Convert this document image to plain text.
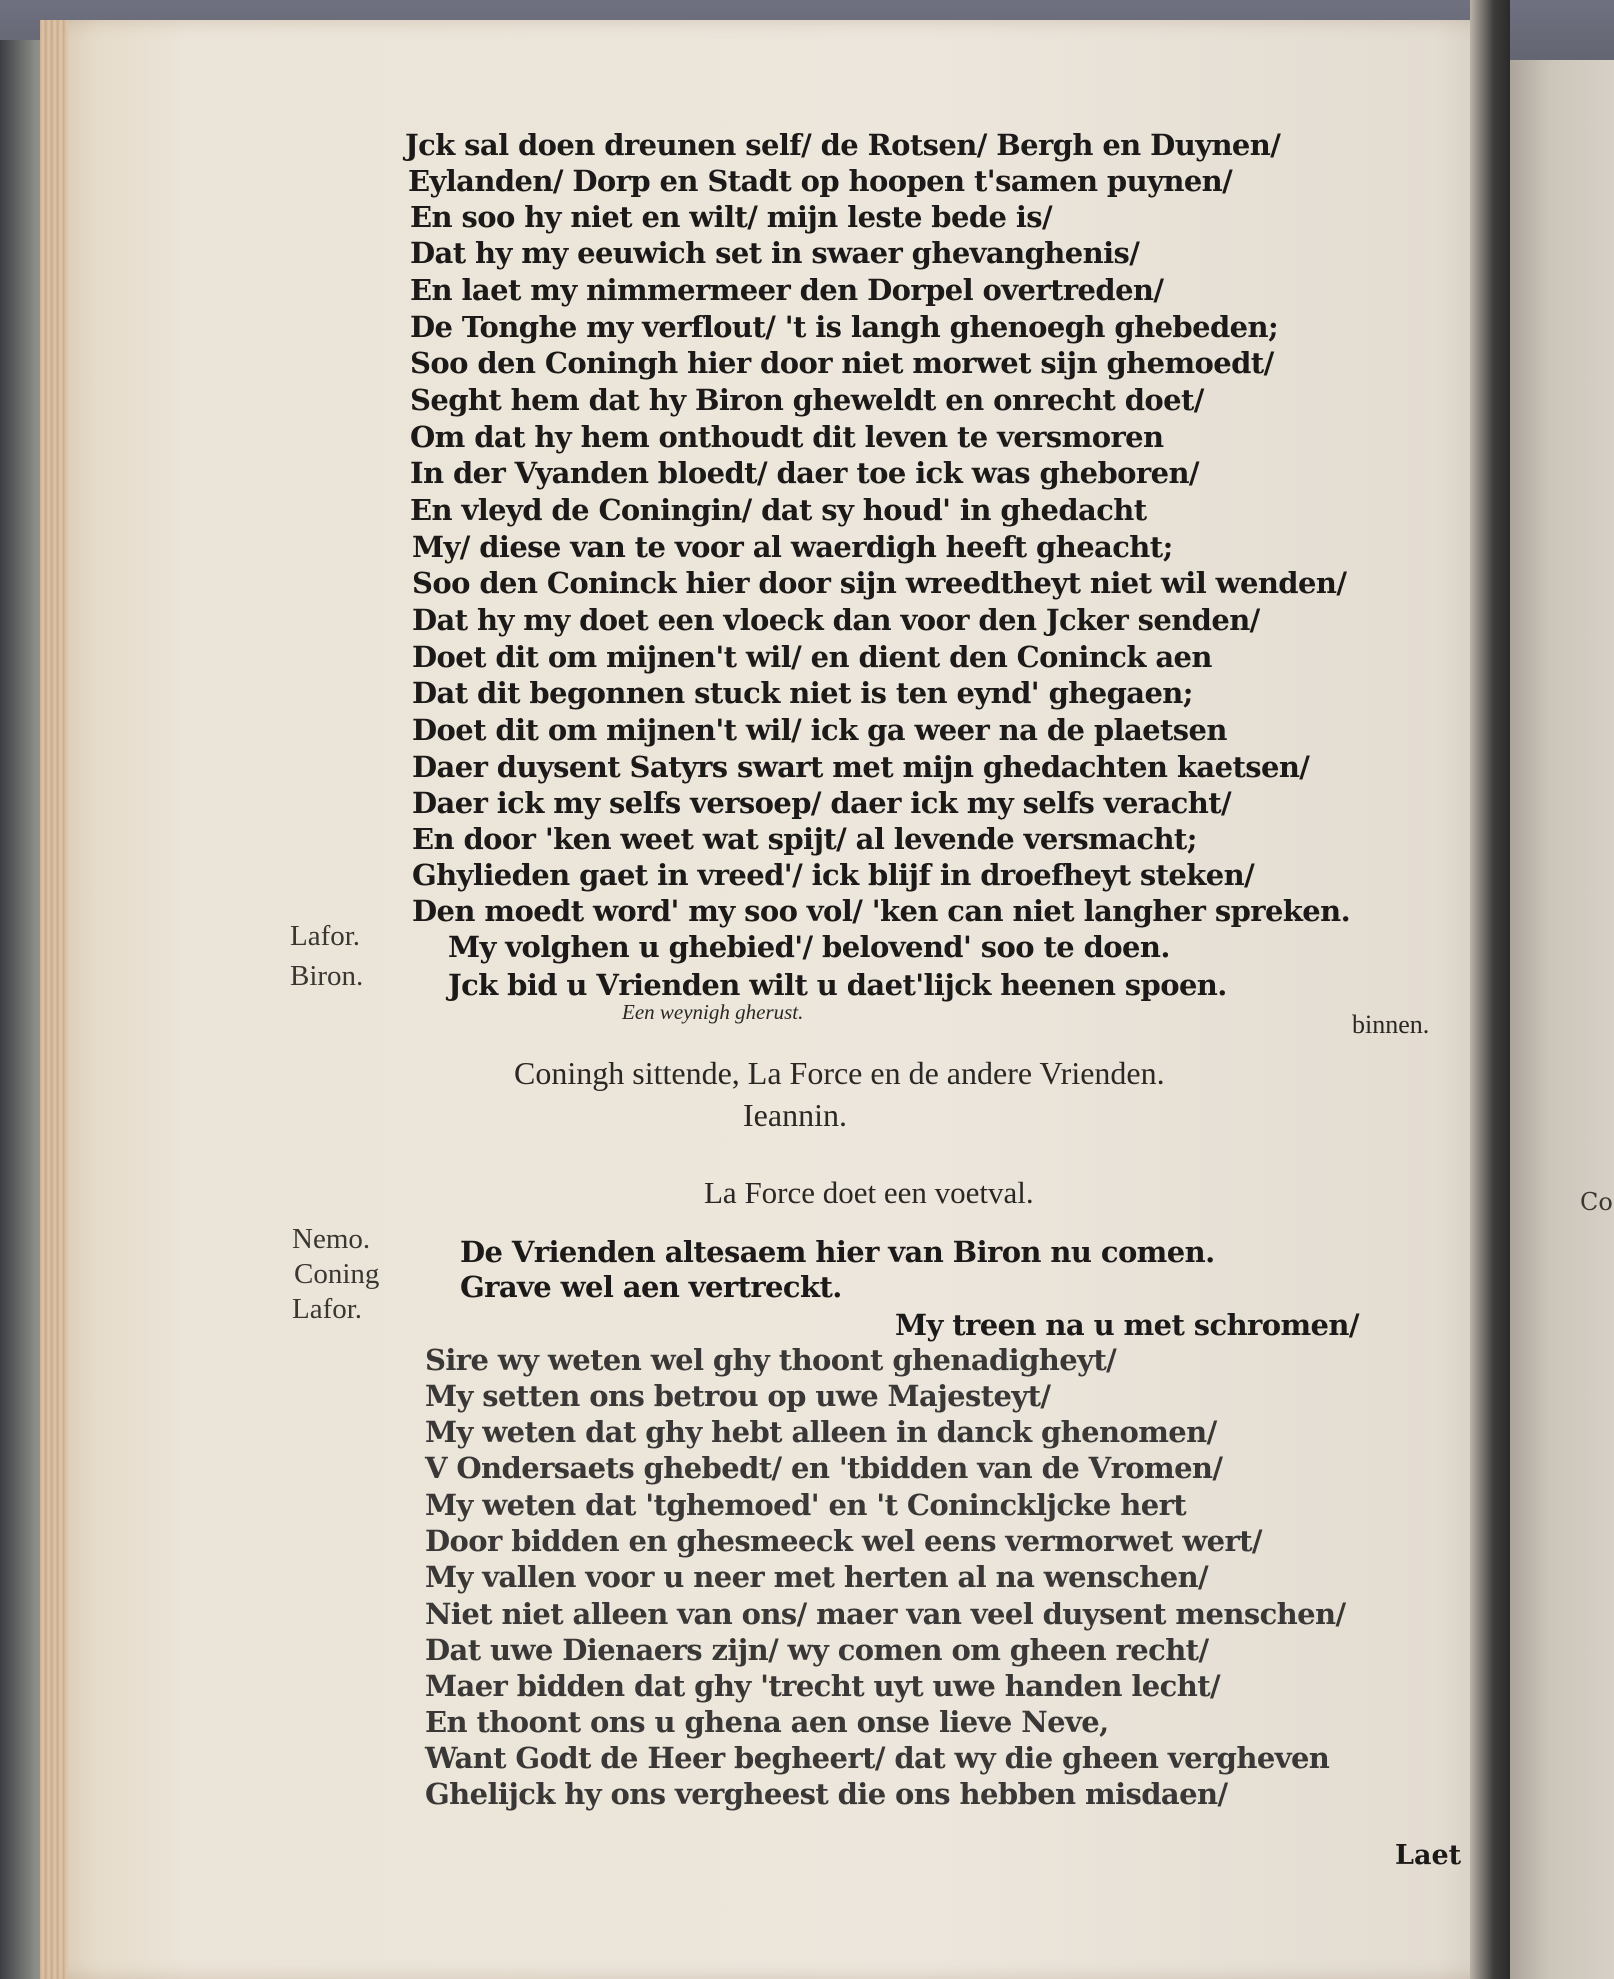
Co
Jck sal doen dreunen self/ de Rotsen/ Bergh en Duynen/
Eylanden/ Dorp en Stadt op hoopen t'samen puynen/
En soo hy niet en wilt/ mijn leste bede is/
Dat hy my eeuwich set in swaer ghevanghenis/
En laet my nimmermeer den Dorpel overtreden/
De Tonghe my verflout/ 't is langh ghenoegh ghebeden;
Soo den Coningh hier door niet morwet sijn ghemoedt/
Seght hem dat hy Biron gheweldt en onrecht doet/
Om dat hy hem onthoudt dit leven te versmoren
In der Vyanden bloedt/ daer toe ick was gheboren/
En vleyd de Coningin/ dat sy houd' in ghedacht
My/ diese van te voor al waerdigh heeft gheacht;
Soo den Coninck hier door sijn wreedtheyt niet wil wenden/
Dat hy my doet een vloeck dan voor den Jcker senden/
Doet dit om mijnen't wil/ en dient den Coninck aen
Dat dit begonnen stuck niet is ten eynd' ghegaen;
Doet dit om mijnen't wil/ ick ga weer na de plaetsen
Daer duysent Satyrs swart met mijn ghedachten kaetsen/
Daer ick my selfs versoep/ daer ick my selfs veracht/
En door 'ken weet wat spijt/ al levende versmacht;
Ghylieden gaet in vreed'/ ick blijf in droefheyt steken/
Den moedt word' my soo vol/ 'ken can niet langher spreken.
Lafor.	My volghen u ghebied'/ belovend' soo te doen.
Biron.	Jck bid u Vrienden wilt u daet'lijck heenen spoen.
Een weynigh gherust.	binnen.
Coningh sittende, La Force en de andere Vrienden.
Ieannin.
La Force doet een voetval.
Nemo.	De Vrienden altesaem hier van Biron nu comen.
Coning	Grave wel aen vertreckt.
Lafor.	My treen na u met schromen/
Sire wy weten wel ghy thoont ghenadigheyt/
My setten ons betrou op uwe Majesteyt/
My weten dat ghy hebt alleen in danck ghenomen/
V Ondersaets ghebedt/ en 'tbidden van de Vromen/
My weten dat 'tghemoed' en 't Coninckljcke hert
Door bidden en ghesmeeck wel eens vermorwet wert/
My vallen voor u neer met herten al na wenschen/
Niet niet alleen van ons/ maer van veel duysent menschen/
Dat uwe Dienaers zijn/ wy comen om gheen recht/
Maer bidden dat ghy 'trecht uyt uwe handen lecht/
En thoont ons u ghena aen onse lieve Neve,
Want Godt de Heer begheert/ dat wy die gheen vergheven
Ghelijck hy ons vergheest die ons hebben misdaen/
Laet
